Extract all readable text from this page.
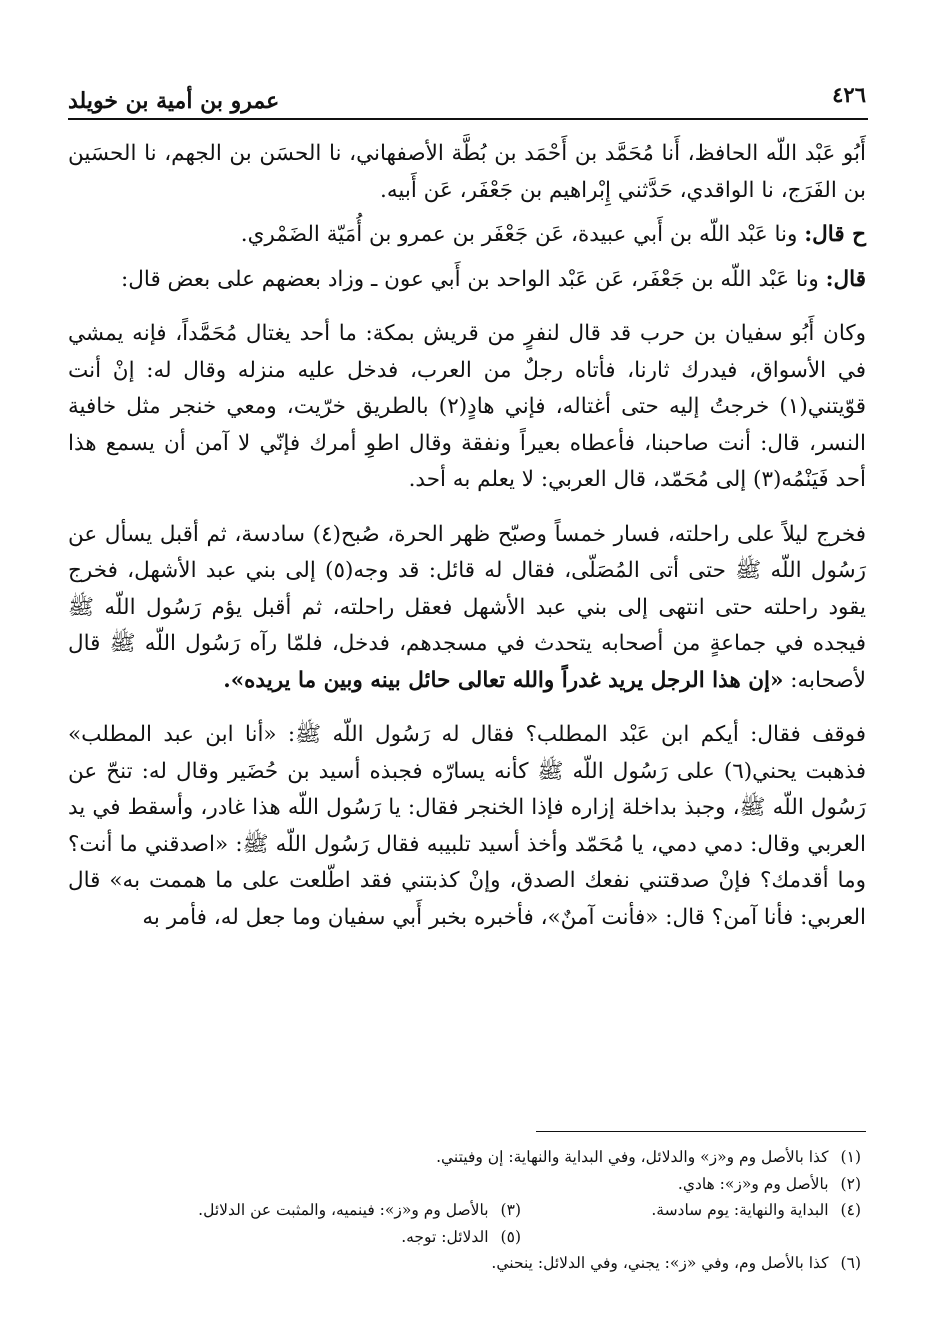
٤٢٦
عمرو بن أمية بن خويلد

أَبُو عَبْد اللّه الحافظ، أَنا مُحَمَّد بن أَحْمَد بن بُطَّة الأصفهاني، نا الحسَن بن الجهم، نا الحسَين بن الفَرَج، نا الواقدي، حَدَّثني إِبْراهيم بن جَعْفَر، عَن أَبيه.

ح قال: ونا عَبْد اللّه بن أَبي عبيدة، عَن جَعْفَر بن عمرو بن أُمَيّة الضَمْري.

قال: ونا عَبْد اللّه بن جَعْفَر، عَن عَبْد الواحد بن أَبي عون ـ وزاد بعضهم على بعض قال:

وكان أَبُو سفيان بن حرب قد قال لنفرٍ من قريش بمكة: ما أحد يغتال مُحَمَّداً، فإنه يمشي في الأسواق، فيدرك ثارنا، فأتاه رجلٌ من العرب، فدخل عليه منزله وقال له: إنْ أنت قوّيتني(١) خرجتُ إليه حتى أغتاله، فإني هادٍ(٢) بالطريق خرّيت، ومعي خنجر مثل خافية النسر، قال: أنت صاحبنا، فأعطاه بعيراً ونفقة وقال اطوِ أمرك فإنّي لا آمن أن يسمع هذا أحد فَيَنْمُه(٣) إلى مُحَمّد، قال العربي: لا يعلم به أحد.

فخرج ليلاً على راحلته، فسار خمساً وصبّح ظهر الحرة، صُبح(٤) سادسة، ثم أقبل يسأل عن رَسُول اللّه ﷺ حتى أتى المُصَلّى، فقال له قائل: قد وجه(٥) إلى بني عبد الأشهل، فخرج يقود راحلته حتى انتهى إلى بني عبد الأشهل فعقل راحلته، ثم أقبل يؤم رَسُول اللّه ﷺ فيجده في جماعةٍ من أصحابه يتحدث في مسجدهم، فدخل، فلمّا رآه رَسُول اللّه ﷺ قال لأصحابه: «إن هذا الرجل يريد غدراً والله تعالى حائل بينه وبين ما يريده».

فوقف فقال: أيكم ابن عَبْد المطلب؟ فقال له رَسُول اللّه ﷺ: «أنا ابن عبد المطلب» فذهبت يحني(٦) على رَسُول اللّه ﷺ كأنه يسارّه فجبذه أسيد بن حُضَير وقال له: تنحّ عن رَسُول اللّه ﷺ، وجبذ بداخلة إزاره فإذا الخنجر فقال: يا رَسُول اللّه هذا غادر، وأسقط في يد العربي وقال: دمي دمي، يا مُحَمّد وأخذ أسيد تلبيبه فقال رَسُول اللّه ﷺ: «اصدقني ما أنت؟ وما أقدمك؟ فإنْ صدقتني نفعك الصدق، وإنْ كذبتني فقد اطّلعت على ما هممت به» قال العربي: فأنا آمن؟ قال: «فأنت آمنٌ»، فأخبره بخبر أَبي سفيان وما جعل له، فأمر به

(١)كذا بالأصل وم و«ز» والدلائل، وفي البداية والنهاية: إن وفيتني.
(٢)بالأصل وم و«ز»: هادي.
(٤)البداية والنهاية: يوم سادسة.
(٣)بالأصل وم و«ز»: فينميه، والمثبت عن الدلائل.
(٥)الدلائل: توجه.
(٦)كذا بالأصل وم، وفي «ز»: يجني، وفي الدلائل: ينحني.
